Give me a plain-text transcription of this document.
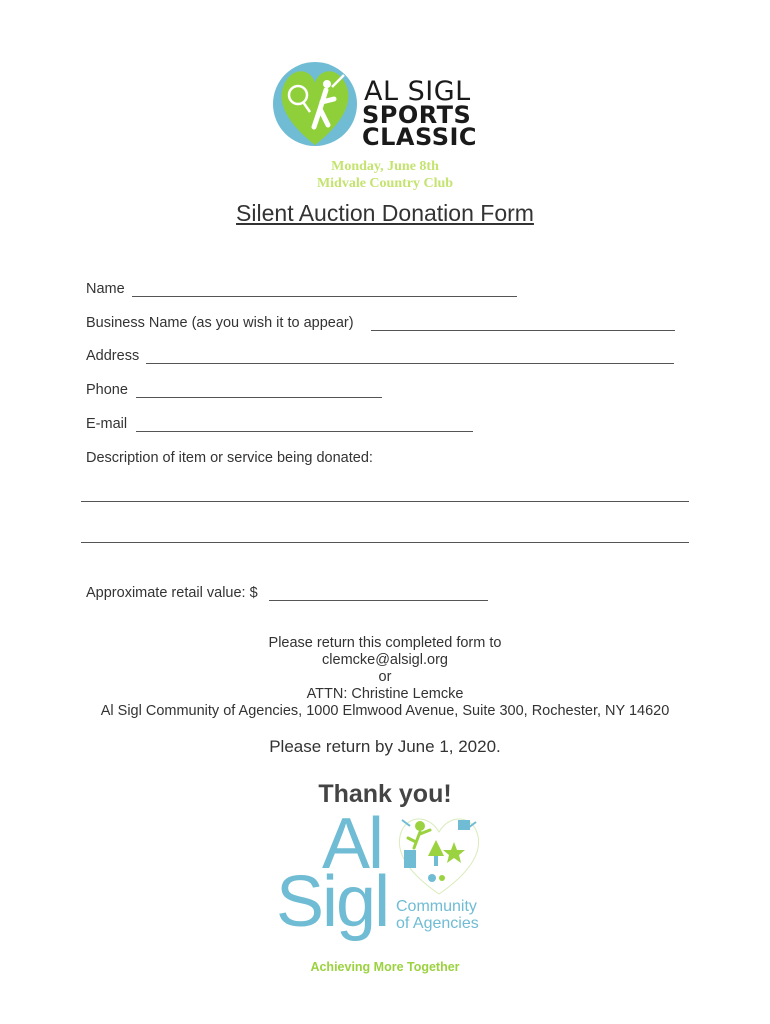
AL SIGL
SPORTS
CLASSIC
Monday, June 8th
Midvale Country Club
Silent Auction Donation Form
Name
Business Name (as you wish it to appear)
Address
Phone
E-mail
Description of item or service being donated:
Approximate retail value: $
Please return this completed form to
clemcke@alsigl.org
or
ATTN: Christine Lemcke
Al Sigl Community of Agencies, 1000 Elmwood Avenue, Suite 300, Rochester, NY 14620
Please return by June 1, 2020.
Thank you!
Al
Sigl Community
of Agencies
Achieving More Together
